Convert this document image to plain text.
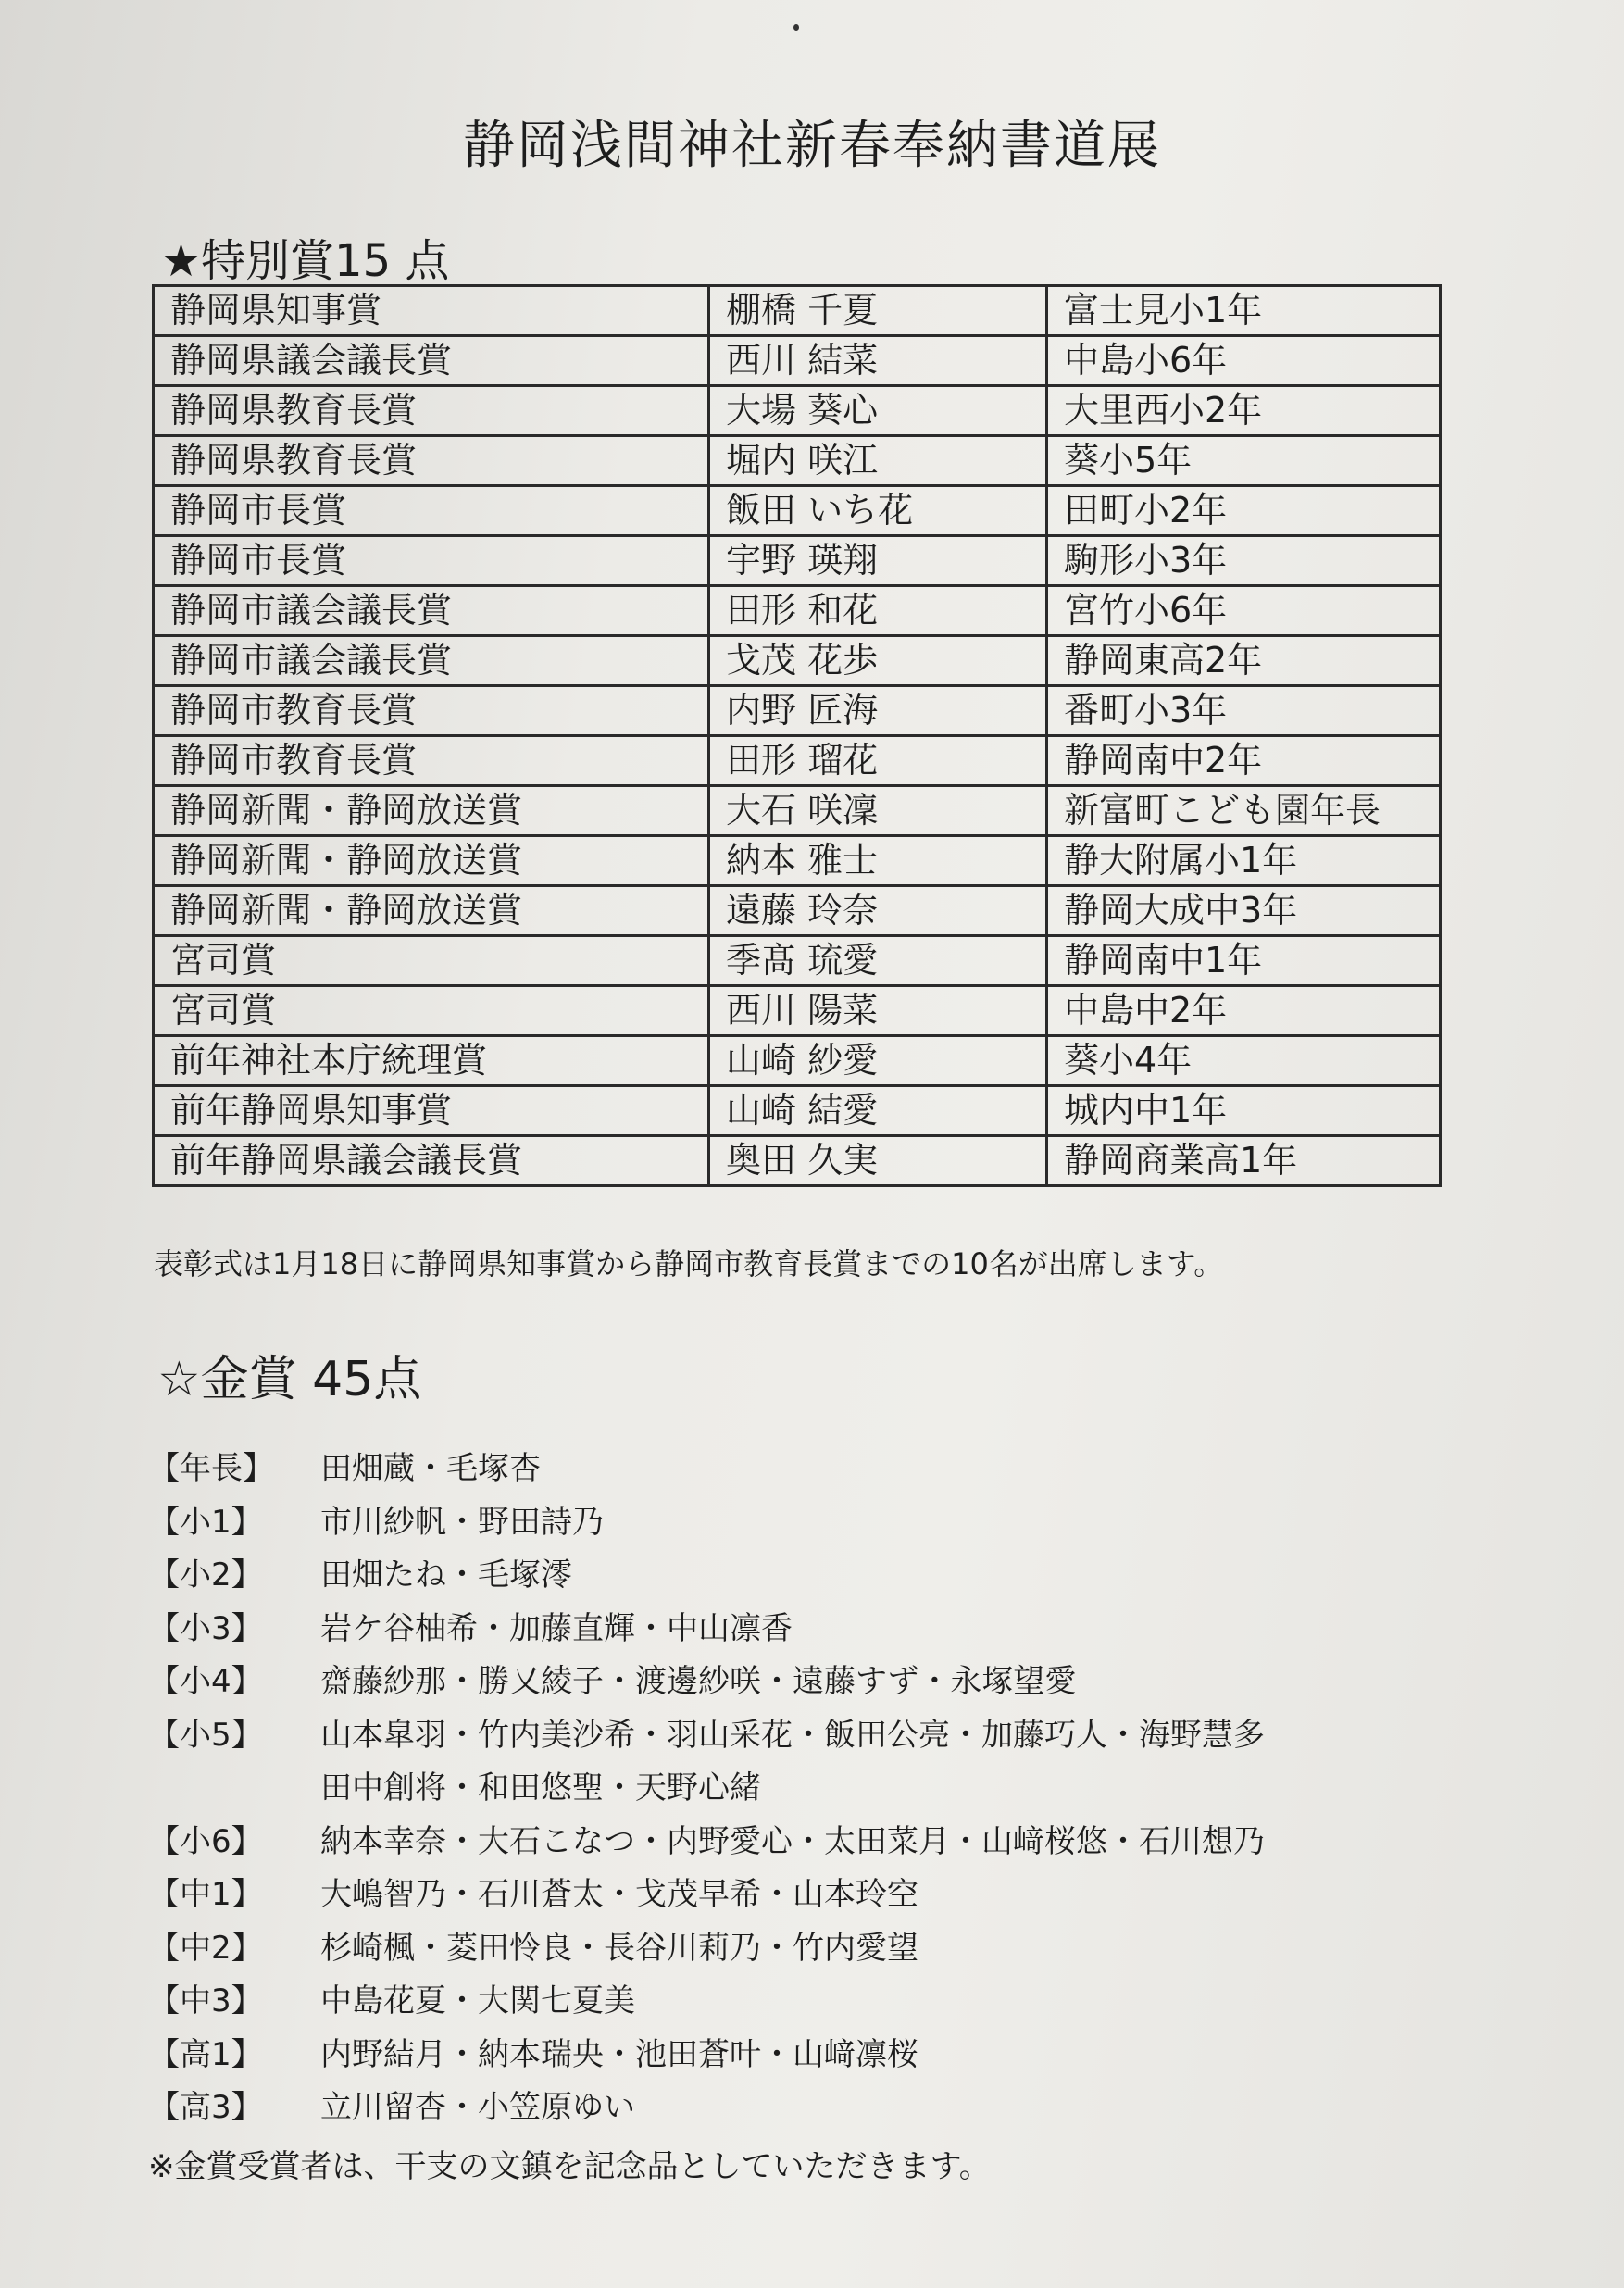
静岡浅間神社新春奉納書道展
★特別賞15 点
静岡県知事賞	棚橋 千夏	富士見小1年
静岡県議会議長賞	西川 結菜	中島小6年
静岡県教育長賞	大場 葵心	大里西小2年
静岡県教育長賞	堀内 咲江	葵小5年
静岡市長賞	飯田 いち花	田町小2年
静岡市長賞	宇野 瑛翔	駒形小3年
静岡市議会議長賞	田形 和花	宮竹小6年
静岡市議会議長賞	戈茂 花歩	静岡東高2年
静岡市教育長賞	内野 匠海	番町小3年
静岡市教育長賞	田形 瑠花	静岡南中2年
静岡新聞・静岡放送賞	大石 咲凜	新富町こども園年長
静岡新聞・静岡放送賞	納本 雅士	静大附属小1年
静岡新聞・静岡放送賞	遠藤 玲奈	静岡大成中3年
宮司賞	季髙 琉愛	静岡南中1年
宮司賞	西川 陽菜	中島中2年
前年神社本庁統理賞	山崎 紗愛	葵小4年
前年静岡県知事賞	山崎 結愛	城内中1年
前年静岡県議会議長賞	奥田 久実	静岡商業高1年
表彰式は1月18日に静岡県知事賞から静岡市教育長賞までの10名が出席します。
☆金賞 45点
【年長】	田畑蔵・毛塚杏
【小1】	市川紗帆・野田詩乃
【小2】	田畑たね・毛塚澪
【小3】	岩ケ谷柚希・加藤直輝・中山凛香
【小4】	齋藤紗那・勝又綾子・渡邊紗咲・遠藤すず・永塚望愛
【小5】	山本皐羽・竹内美沙希・羽山采花・飯田公亮・加藤巧人・海野慧多
田中創将・和田悠聖・天野心緒
【小6】	納本幸奈・大石こなつ・内野愛心・太田菜月・山﨑桜悠・石川想乃
【中1】	大嶋智乃・石川蒼太・戈茂早希・山本玲空
【中2】	杉崎楓・菱田怜良・長谷川莉乃・竹内愛望
【中3】	中島花夏・大関七夏美
【高1】	内野結月・納本瑞央・池田蒼叶・山﨑凛桜
【高3】	立川留杏・小笠原ゆい
※金賞受賞者は、干支の文鎮を記念品としていただきます。
